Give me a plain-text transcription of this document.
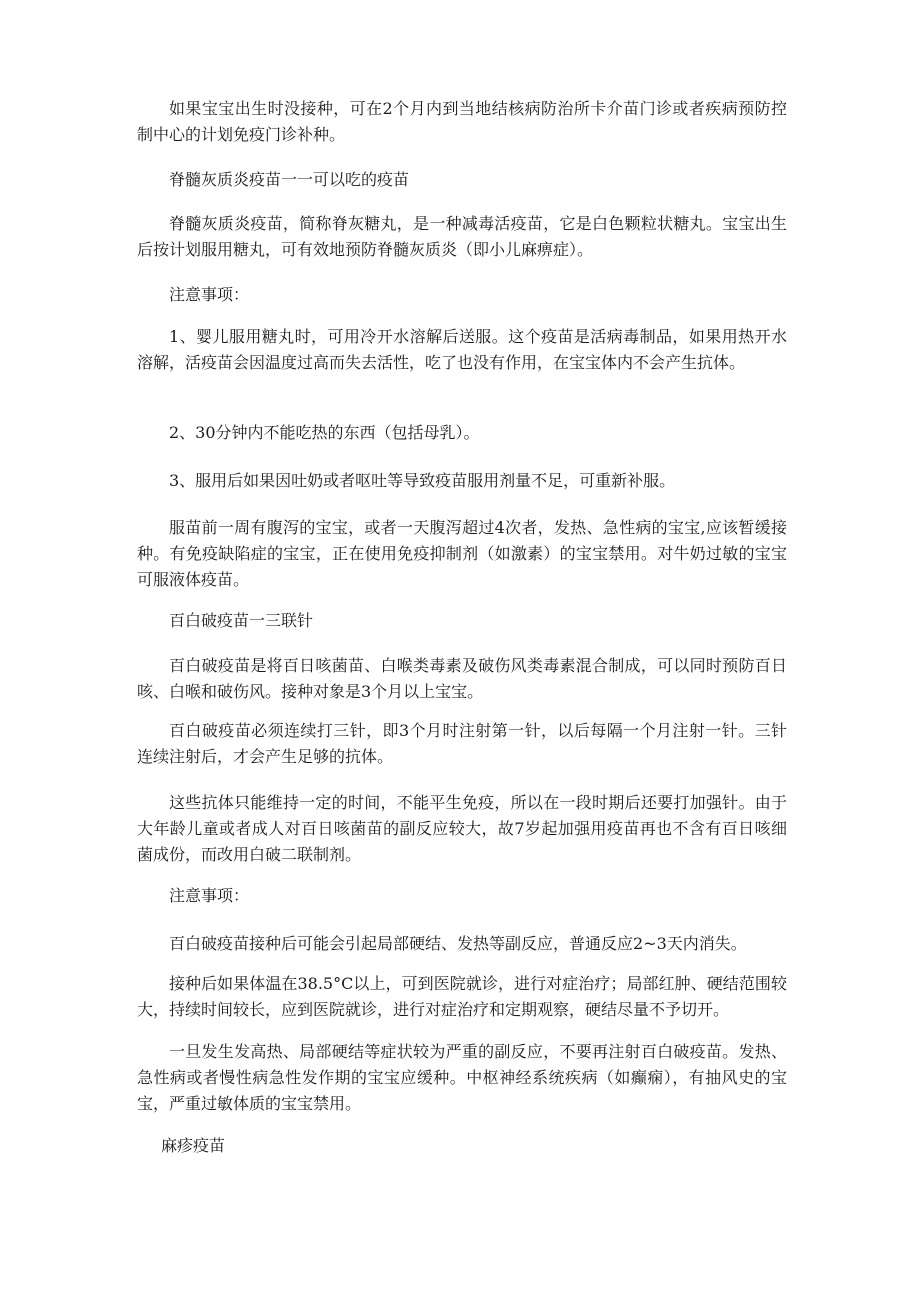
如果宝宝出生时没接种，可在2个月内到当地结核病防治所卡介苗门诊或者疾病预防控制中心的计划免疫门诊补种。

脊髓灰质炎疫苗一一可以吃的疫苗

脊髓灰质炎疫苗，简称脊灰糖丸，是一种减毒活疫苗，它是白色颗粒状糖丸。宝宝出生后按计划服用糖丸，可有效地预防脊髓灰质炎（即小儿麻痹症）。

注意事项：

1、婴儿服用糖丸时，可用冷开水溶解后送服。这个疫苗是活病毒制品，如果用热开水溶解，活疫苗会因温度过高而失去活性，吃了也没有作用，在宝宝体内不会产生抗体。

2、30分钟内不能吃热的东西（包括母乳）。

3、服用后如果因吐奶或者呕吐等导致疫苗服用剂量不足，可重新补服。

服苗前一周有腹泻的宝宝，或者一天腹泻超过4次者，发热、急性病的宝宝,应该暂缓接种。有免疫缺陷症的宝宝，正在使用免疫抑制剂（如激素）的宝宝禁用。对牛奶过敏的宝宝可服液体疫苗。

百白破疫苗一三联针

百白破疫苗是将百日咳菌苗、白喉类毒素及破伤风类毒素混合制成，可以同时预防百日咳、白喉和破伤风。接种对象是3个月以上宝宝。

百白破疫苗必须连续打三针，即3个月时注射第一针，以后每隔一个月注射一针。三针连续注射后，才会产生足够的抗体。

这些抗体只能维持一定的时间，不能平生免疫，所以在一段时期后还要打加强针。由于大年龄儿童或者成人对百日咳菌苗的副反应较大，故7岁起加强用疫苗再也不含有百日咳细菌成份，而改用白破二联制剂。

注意事项：

百白破疫苗接种后可能会引起局部硬结、发热等副反应，普通反应2~3天内消失。

接种后如果体温在38.5°C以上，可到医院就诊，进行对症治疗；局部红肿、硬结范围较大，持续时间较长，应到医院就诊，进行对症治疗和定期观察，硬结尽量不予切开。

一旦发生发高热、局部硬结等症状较为严重的副反应，不要再注射百白破疫苗。发热、急性病或者慢性病急性发作期的宝宝应缓种。中枢神经系统疾病（如癫痫），有抽风史的宝宝，严重过敏体质的宝宝禁用。

麻疹疫苗
